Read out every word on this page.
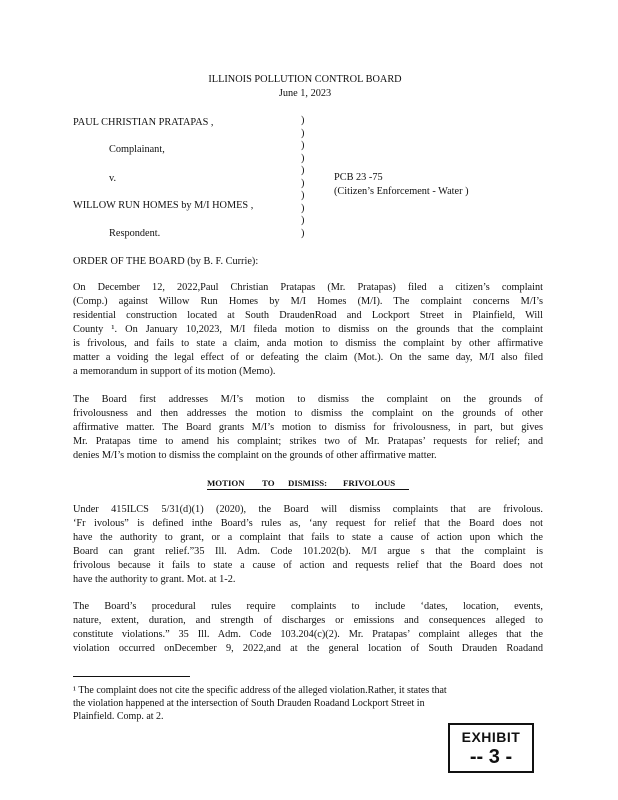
ILLINOIS POLLUTION CONTROL BOARD
June 1, 2023
PAUL CHRISTIAN PRATAPAS ,
Complainant,
v.
WILLOW RUN HOMES by M/I HOMES ,
Respondent.
)
)
)
)
)
)
)
)
)
)
PCB 23 -75
(Citizen’s Enforcement - Water )
ORDER OF THE BOARD (by B. F. Currie):
On December 12, 2022,Paul Christian Pratapas (Mr. Pratapas) filed a citizen’s complaint
(Comp.) against Willow Run Homes by M/I Homes (M/I). The complaint concerns M/I’s
residential construction located at South DraudenRoad and Lockport Street in Plainfield, Will
County ¹. On January 10,2023, M/I fileda motion to dismiss on the grounds that the complaint
is frivolous, and fails to state a claim, anda motion to dismiss the complaint by other affirmative
matter a voiding the legal effect of or defeating the claim (Mot.). On the same day, M/I also filed
a memorandum in support of its motion (Memo).
The Board first addresses M/I’s motion to dismiss the complaint on the grounds of
frivolousness and then addresses the motion to dismiss the complaint on the grounds of other
affirmative matter. The Board grants M/I’s motion to dismiss for frivolousness, in part, but gives
Mr. Pratapas time to amend his complaint; strikes two of Mr. Pratapas’ requests for relief; and
denies M/I’s motion to dismiss the complaint on the grounds of other affirmative matter.
MOTION TO DISMISS: FRIVOLOUS
Under 415ILCS 5/31(d)(1) (2020), the Board will dismiss complaints that are frivolous.
‘Fr ivolous” is defined inthe Board’s rules as, ‘any request for relief that the Board does not
have the authority to grant, or a complaint that fails to state a cause of action upon which the
Board can grant relief.”35 Ill. Adm. Code 101.202(b). M/I argue s that the complaint is
frivolous because it fails to state a cause of action and requests relief that the Board does not
have the authority to grant. Mot. at 1-2.
The Board’s procedural rules require complaints to include ‘dates, location, events,
nature, extent, duration, and strength of discharges or emissions and consequences alleged to
constitute violations.” 35 Ill. Adm. Code 103.204(c)(2). Mr. Pratapas’ complaint alleges that the
violation occurred onDecember 9, 2022,and at the general location of South Drauden Roadand
¹ The complaint does not cite the specific address of the alleged violation.Rather, it states that
the violation happened at the intersection of South Drauden Roadand Lockport Street in
Plainfield. Comp. at 2.
EXHIBIT
-- 3 -
